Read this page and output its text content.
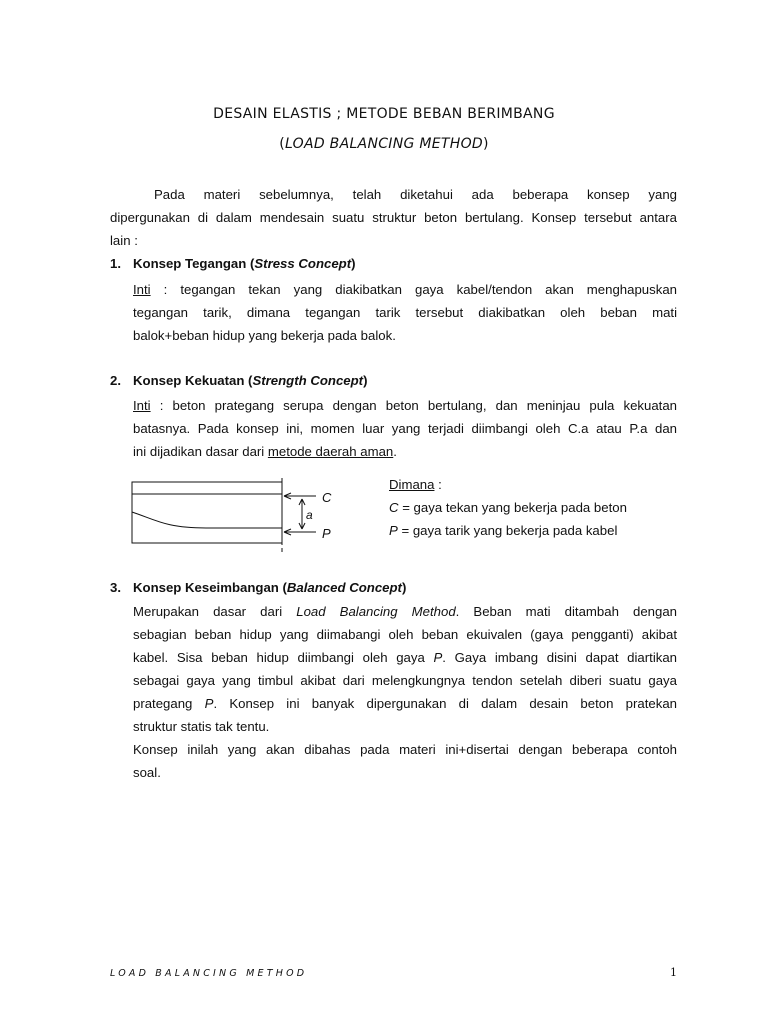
DESAIN ELASTIS ; METODE BEBAN BERIMBANG
(LOAD BALANCING METHOD)
Pada materi sebelumnya, telah diketahui ada beberapa konsep yang
dipergunakan di dalam mendesain suatu struktur beton bertulang. Konsep tersebut antara
lain :
1. Konsep Tegangan (Stress Concept)
Inti : tegangan tekan yang diakibatkan gaya kabel/tendon akan menghapuskan
tegangan tarik, dimana tegangan tarik tersebut diakibatkan oleh beban mati
balok+beban hidup yang bekerja pada balok.
2. Konsep Kekuatan (Strength Concept)
Inti : beton prategang serupa dengan beton bertulang, dan meninjau pula kekuatan
batasnya. Pada konsep ini, momen luar yang terjadi diimbangi oleh C.a atau P.a dan
ini dijadikan dasar dari metode daerah aman.
C
a
P
Dimana :
C = gaya tekan yang bekerja pada beton
P = gaya tarik yang bekerja pada kabel
3. Konsep Keseimbangan (Balanced Concept)
Merupakan dasar dari Load Balancing Method. Beban mati ditambah dengan
sebagian beban hidup yang diimabangi oleh beban ekuivalen (gaya pengganti) akibat
kabel. Sisa beban hidup diimbangi oleh gaya P. Gaya imbang disini dapat diartikan
sebagai gaya yang timbul akibat dari melengkungnya tendon setelah diberi suatu gaya
prategang P. Konsep ini banyak dipergunakan di dalam desain beton pratekan
struktur statis tak tentu.
Konsep inilah yang akan dibahas pada materi ini+disertai dengan beberapa contoh
soal.
LOAD BALANCING METHOD	1
